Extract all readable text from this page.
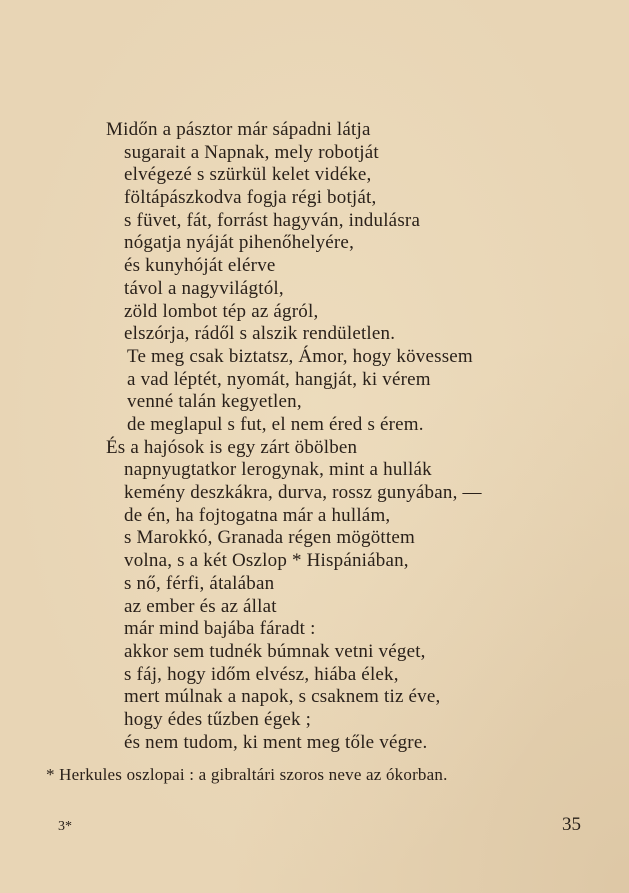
Midőn a pásztor már sápadni látja
sugarait a Napnak, mely robotját
elvégezé s szürkül kelet vidéke,
föltápászkodva fogja régi botját,
s füvet, fát, forrást hagyván, indulásra
nógatja nyáját pihenőhelyére,
és kunyhóját elérve
távol a nagyvilágtól,
zöld lombot tép az ágról,
elszórja, rádől s alszik rendületlen.
Te meg csak biztatsz, Ámor, hogy kövessem
a vad léptét, nyomát, hangját, ki vérem
venné talán kegyetlen,
de meglapul s fut, el nem éred s érem.
És a hajósok is egy zárt öbölben
napnyugtatkor lerogynak, mint a hullák
kemény deszkákra, durva, rossz gunyában, —
de én, ha fojtogatna már a hullám,
s Marokkó, Granada régen mögöttem
volna, s a két Oszlop * Hispániában,
s nő, férfi, átalában
az ember és az állat
már mind bajába fáradt :
akkor sem tudnék búmnak vetni véget,
s fáj, hogy időm elvész, hiába élek,
mert múlnak a napok, s csaknem tiz éve,
hogy édes tűzben égek ;
és nem tudom, ki ment meg tőle végre.
* Herkules oszlopai : a gibraltári szoros neve az ókorban.
3*	35
